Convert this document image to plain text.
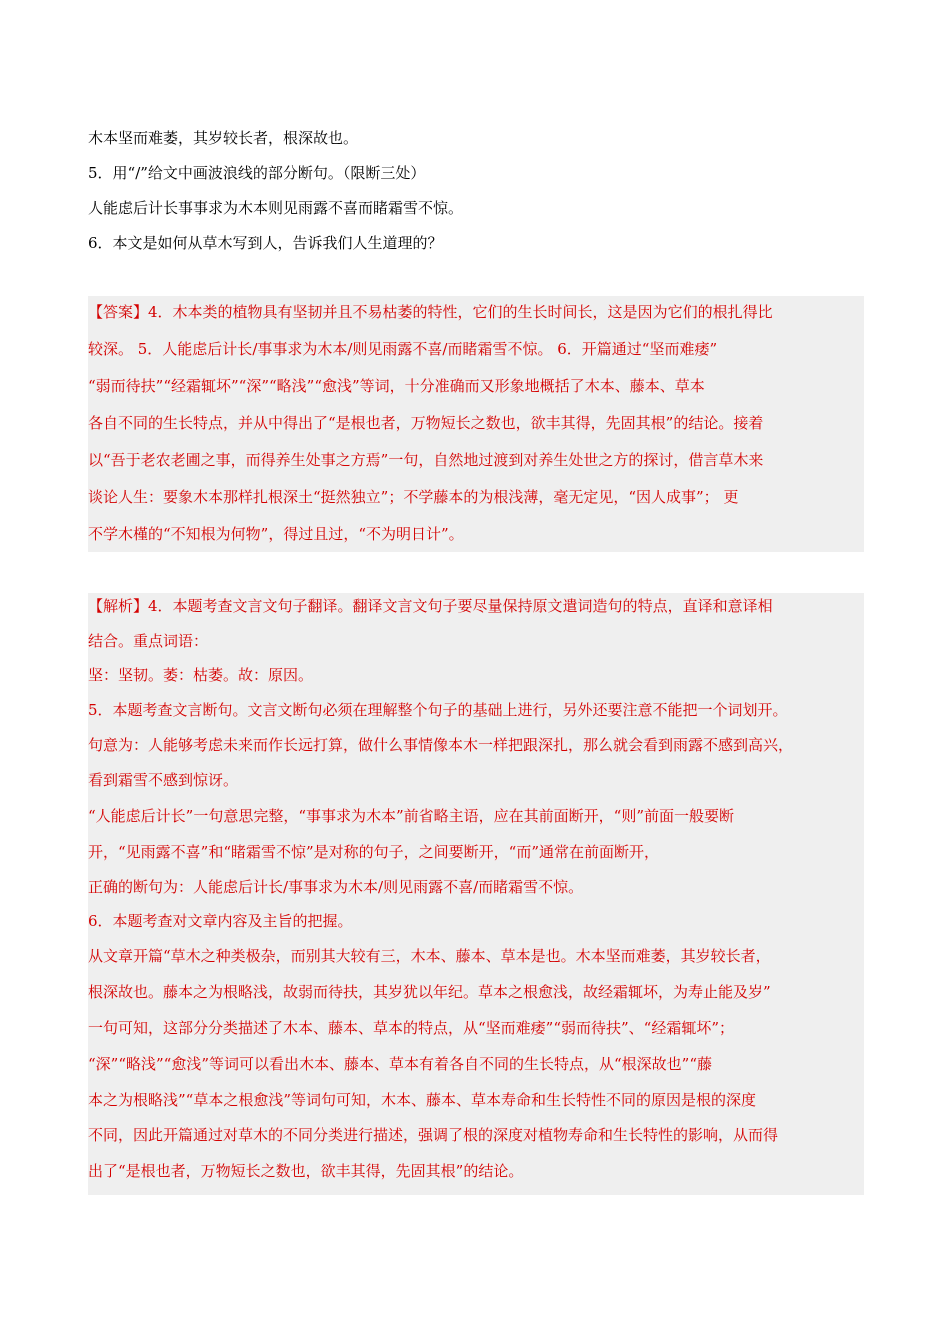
木本坚而难萎，其岁较长者，根深故也。
5．用“/”给文中画波浪线的部分断句。（限断三处）
人能虑后计长事事求为木本则见雨露不喜而睹霜雪不惊。
6．本文是如何从草木写到人，告诉我们人生道理的？
【答案】4．木本类的植物具有坚韧并且不易枯萎的特性，它们的生长时间长，这是因为它们的根扎得比
较深。 5．人能虑后计长/事事求为木本/则见雨露不喜/而睹霜雪不惊。 6．开篇通过“坚而难痿”
“弱而待扶”“经霜辄坏”“深”“略浅”“愈浅”等词，十分准确而又形象地概括了木本、藤本、草本
各自不同的生长特点，并从中得出了“是根也者，万物短长之数也，欲丰其得，先固其根”的结论。接着
以“吾于老农老圃之事，而得养生处事之方焉”一句，自然地过渡到对养生处世之方的探讨，借言草木来
谈论人生：要象木本那样扎根深土“挺然独立”；不学藤本的为根浅薄，毫无定见，“因人成事”； 更
不学木槿的“不知根为何物”，得过且过，“不为明日计”。
【解析】4．本题考查文言文句子翻译。翻译文言文句子要尽量保持原文遣词造句的特点，直译和意译相
结合。重点词语：
坚：坚韧。萎：枯萎。故：原因。
5．本题考查文言断句。文言文断句必须在理解整个句子的基础上进行，另外还要注意不能把一个词划开。
句意为：人能够考虑未来而作长远打算，做什么事情像本木一样把跟深扎，那么就会看到雨露不感到高兴，
看到霜雪不感到惊讶。
“人能虑后计长”一句意思完整，“事事求为木本”前省略主语，应在其前面断开，“则”前面一般要断
开，“见雨露不喜”和“睹霜雪不惊”是对称的句子，之间要断开，“而”通常在前面断开，
正确的断句为：人能虑后计长/事事求为木本/则见雨露不喜/而睹霜雪不惊。
6．本题考查对文章内容及主旨的把握。
从文章开篇“草木之种类极杂，而别其大较有三，木本、藤本、草本是也。木本坚而难萎，其岁较长者，
根深故也。藤本之为根略浅，故弱而待扶，其岁犹以年纪。草本之根愈浅，故经霜辄坏，为寿止能及岁”
一句可知，这部分分类描述了木本、藤本、草本的特点，从“坚而难痿”“弱而待扶”、“经霜辄坏”；
“深”“略浅”“愈浅”等词可以看出木本、藤本、草本有着各自不同的生长特点，从“根深故也”“藤
本之为根略浅”“草本之根愈浅”等词句可知，木本、藤本、草本寿命和生长特性不同的原因是根的深度
不同，因此开篇通过对草木的不同分类进行描述，强调了根的深度对植物寿命和生长特性的影响，从而得
出了“是根也者，万物短长之数也，欲丰其得，先固其根”的结论。
